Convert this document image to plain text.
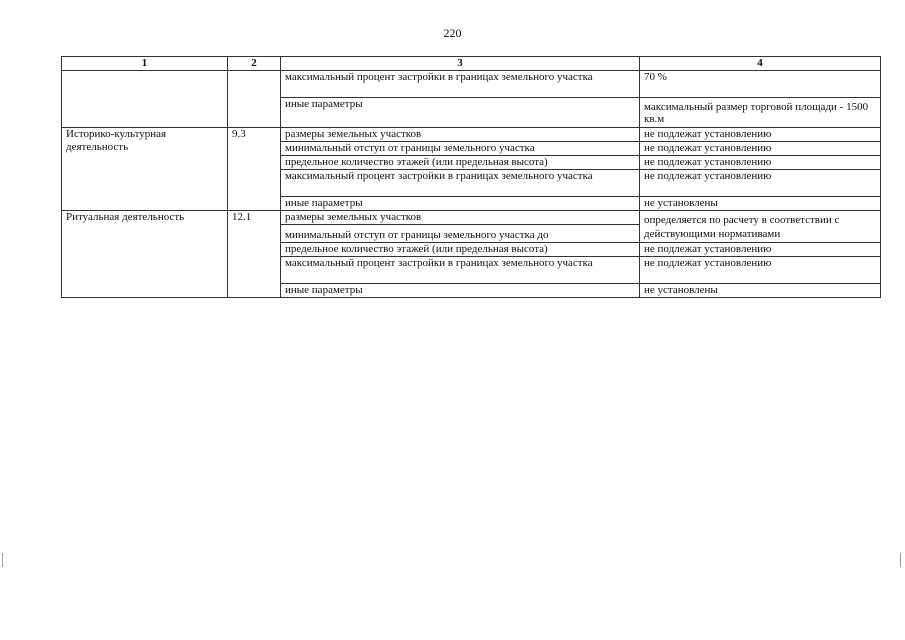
220
1	2	3	4
		максимальный процент застройки в границах земельного участка	70 %
		иные параметры	максимальный размер торговой площади - 1500 кв.м
Историко-культурная деятельность	9.3	размеры земельных участков	не подлежат установлению
		минимальный отступ от границы земельного участка	не подлежат установлению
		предельное количество этажей (или предельная высота)	не подлежат установлению
		максимальный процент застройки в границах земельного участка	не подлежат установлению
		иные параметры	не установлены
Ритуальная деятельность	12.1	размеры земельных участков	определяется по расчету в соответствии с действующими нормативами
		минимальный отступ от границы земельного участка до	
		предельное количество этажей (или предельная высота)	не подлежат установлению
		максимальный процент застройки в границах земельного участка	не подлежат установлению
		иные параметры	не установлены
